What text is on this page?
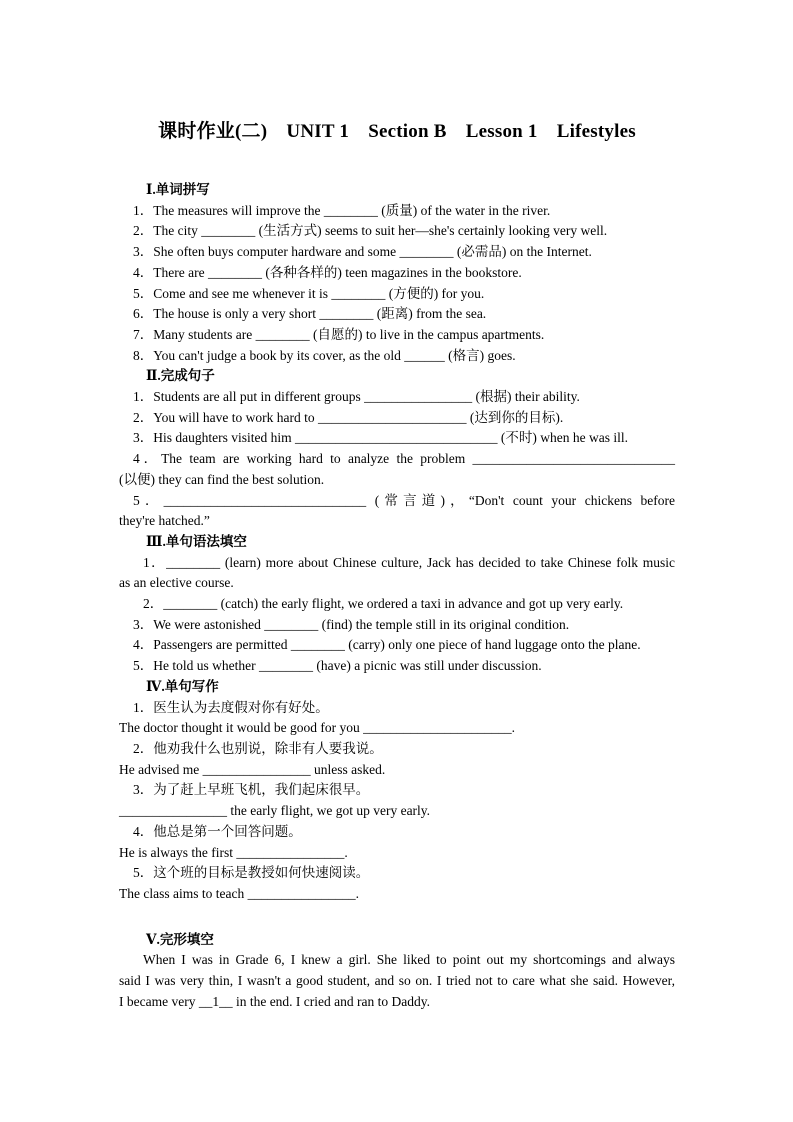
课时作业(二)　UNIT 1　Section B　Lesson 1　Lifestyles
Ⅰ.单词拼写
1．The measures will improve the ________ (质量) of the water in the river.
2．The city ________ (生活方式) seems to suit her—she's certainly looking very well.
3．She often buys computer hardware and some ________ (必需品) on the Internet.
4．There are ________ (各种各样的) teen magazines in the bookstore.
5．Come and see me whenever it is ________ (方便的) for you.
6．The house is only a very short ________ (距离) from the sea.
7．Many students are ________ (自愿的) to live in the campus apartments.
8．You can't judge a book by its cover, as the old ______ (格言) goes.
Ⅱ.完成句子
1．Students are all put in different groups ________________ (根据) their ability.
2．You will have to work hard to ______________________ (达到你的目标).
3．His daughters visited him ______________________________ (不时) when he was ill.
4．The team are working hard to analyze the problem ______________________________
(以便) they can find the best solution.
5．______________________________ (常言道)，“Don't count your chickens before
they're hatched.”
Ⅲ.单句语法填空
1．________ (learn) more about Chinese culture, Jack has decided to take Chinese folk music
as an elective course.
2．________ (catch) the early flight, we ordered a taxi in advance and got up very early.
3．We were astonished ________ (find) the temple still in its original condition.
4．Passengers are permitted ________ (carry) only one piece of hand luggage onto the plane.
5．He told us whether ________ (have) a picnic was still under discussion.
Ⅳ.单句写作
1．医生认为去度假对你有好处。
The doctor thought it would be good for you ______________________.
2．他劝我什么也别说，除非有人要我说。
He advised me ________________ unless asked.
3．为了赶上早班飞机，我们起床很早。
________________ the early flight, we got up very early.
4．他总是第一个回答问题。
He is always the first ________________.
5．这个班的目标是教授如何快速阅读。
The class aims to teach ________________.
Ⅴ.完形填空
When I was in Grade 6, I knew a girl. She liked to point out my shortcomings and always
said I was very thin, I wasn't a good student, and so on. I tried not to care what she said. However,
I became very __1__ in the end. I cried and ran to Daddy.
